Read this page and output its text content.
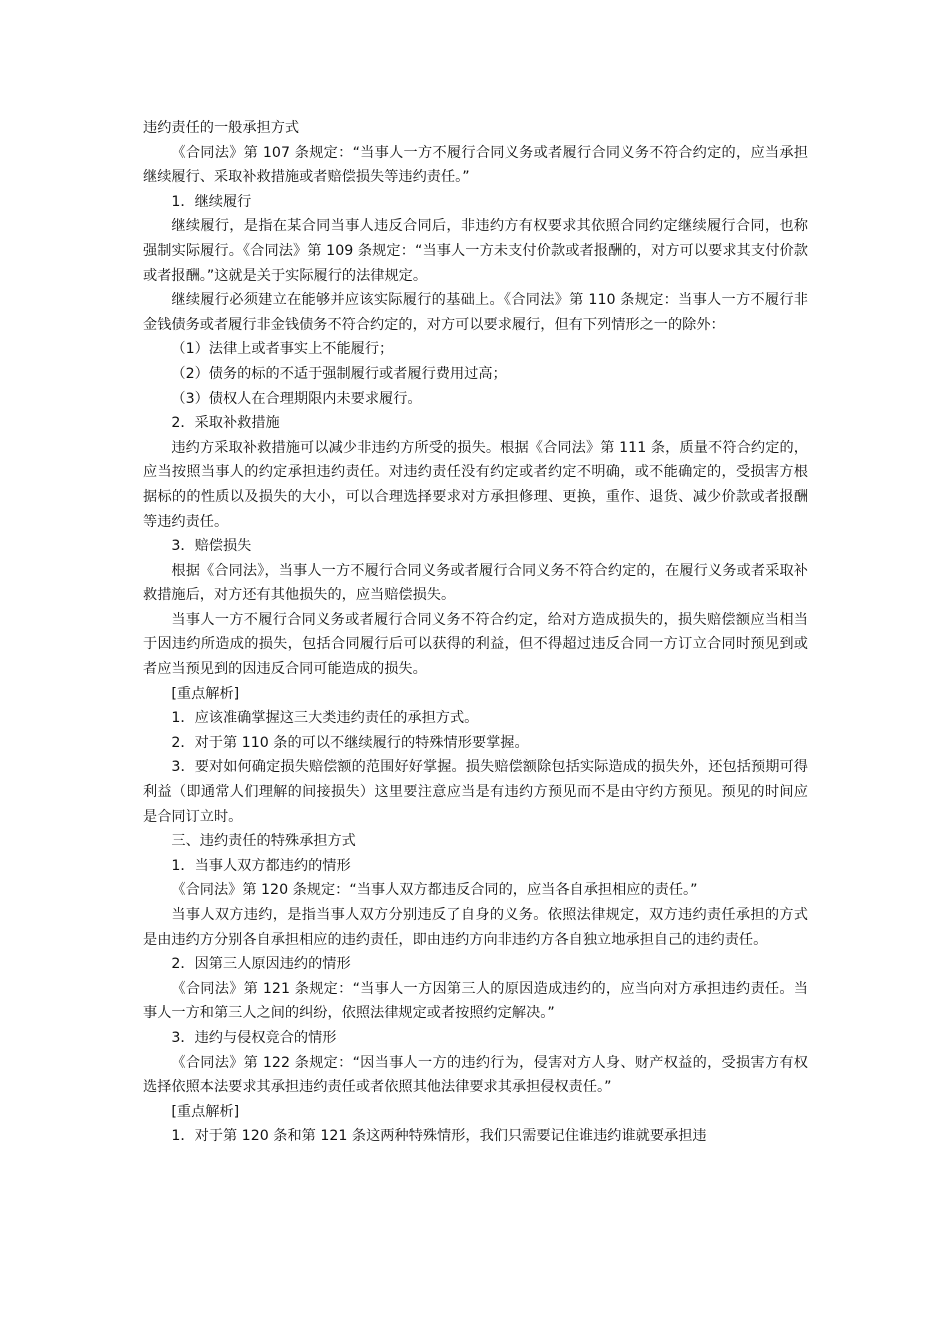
违约责任的一般承担方式

《合同法》第 107 条规定：“当事人一方不履行合同义务或者履行合同义务不符合约定的，应当承担继续履行、采取补救措施或者赔偿损失等违约责任。”

1．继续履行

继续履行，是指在某合同当事人违反合同后，非违约方有权要求其依照合同约定继续履行合同，也称强制实际履行。《合同法》第 109 条规定：“当事人一方未支付价款或者报酬的，对方可以要求其支付价款或者报酬。”这就是关于实际履行的法律规定。

继续履行必须建立在能够并应该实际履行的基础上。《合同法》第 110 条规定：当事人一方不履行非金钱债务或者履行非金钱债务不符合约定的，对方可以要求履行，但有下列情形之一的除外：

（1）法律上或者事实上不能履行；

（2）债务的标的不适于强制履行或者履行费用过高；

（3）债权人在合理期限内未要求履行。

2．采取补救措施

违约方采取补救措施可以减少非违约方所受的损失。根据《合同法》第 111 条，质量不符合约定的，应当按照当事人的约定承担违约责任。对违约责任没有约定或者约定不明确，或不能确定的，受损害方根据标的的性质以及损失的大小，可以合理选择要求对方承担修理、更换，重作、退货、减少价款或者报酬等违约责任。

3．赔偿损失

根据《合同法》，当事人一方不履行合同义务或者履行合同义务不符合约定的，在履行义务或者采取补救措施后，对方还有其他损失的，应当赔偿损失。

当事人一方不履行合同义务或者履行合同义务不符合约定，给对方造成损失的，损失赔偿额应当相当于因违约所造成的损失，包括合同履行后可以获得的利益，但不得超过违反合同一方订立合同时预见到或者应当预见到的因违反合同可能造成的损失。

[重点解析]

1．应该准确掌握这三大类违约责任的承担方式。

2．对于第 110 条的可以不继续履行的特殊情形要掌握。

3．要对如何确定损失赔偿额的范围好好掌握。损失赔偿额除包括实际造成的损失外，还包括预期可得利益（即通常人们理解的间接损失）这里要注意应当是有违约方预见而不是由守约方预见。预见的时间应是合同订立时。

三、违约责任的特殊承担方式

1．当事人双方都违约的情形

《合同法》第 120 条规定：“当事人双方都违反合同的，应当各自承担相应的责任。”

当事人双方违约，是指当事人双方分别违反了自身的义务。依照法律规定，双方违约责任承担的方式是由违约方分别各自承担相应的违约责任，即由违约方向非违约方各自独立地承担自己的违约责任。

2．因第三人原因违约的情形

《合同法》第 121 条规定：“当事人一方因第三人的原因造成违约的，应当向对方承担违约责任。当事人一方和第三人之间的纠纷，依照法律规定或者按照约定解决。”

3．违约与侵权竞合的情形

《合同法》第 122 条规定：“因当事人一方的违约行为，侵害对方人身、财产权益的，受损害方有权选择依照本法要求其承担违约责任或者依照其他法律要求其承担侵权责任。”

[重点解析]

1．对于第 120 条和第 121 条这两种特殊情形，我们只需要记住谁违约谁就要承担违
